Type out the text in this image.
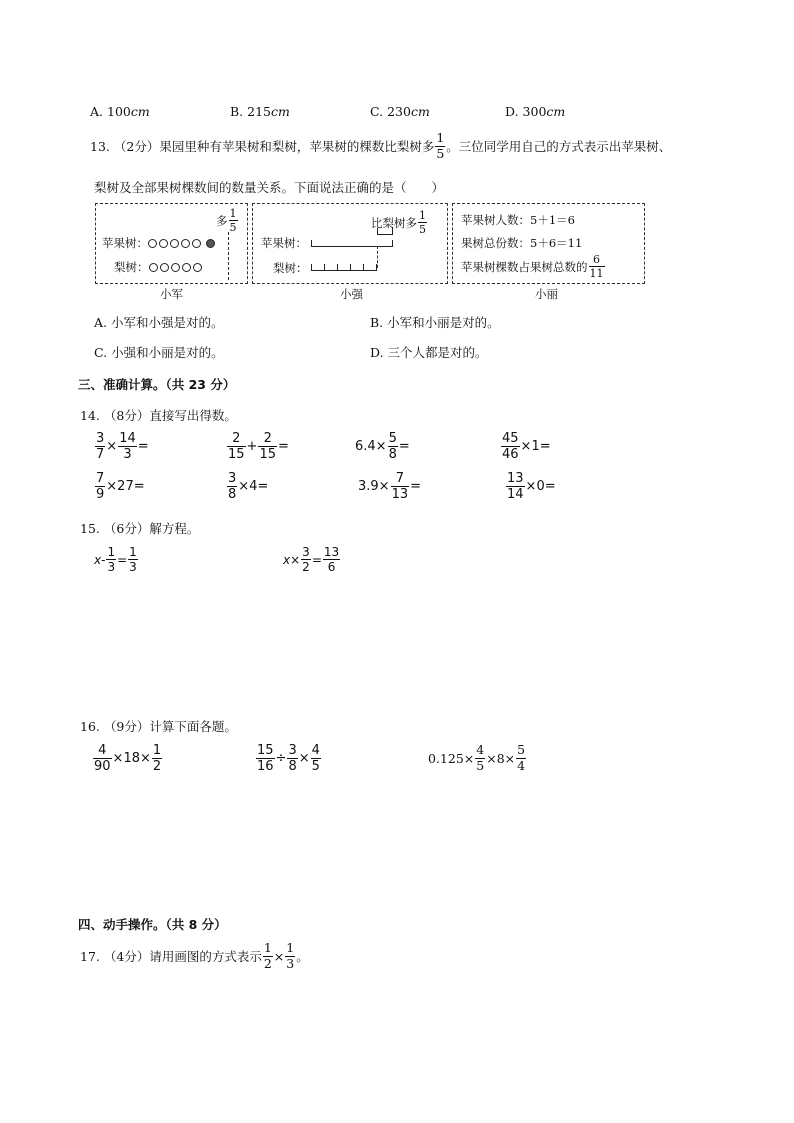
A. 100cm	B. 215cm	C. 230cm	D. 300cm
13.
（2分） 果园里种有苹果树和梨树，苹果树的棵数比梨树多 $\frac{1}{5}$ 。三位同学用自己的方式表示出苹果树、
梨树及全部果树棵数间的数量关系。下面说法正确的是（　　）
多 $\frac{1}{5}$
苹果树：
梨树：
小军
比梨树多 $\frac{1}{5}$
苹果树：
梨树：
小强
苹果树人数：5＋1＝6
果树总份数：5＋6＝11
苹果树棵数占果树总数的 $\frac{6}{11}$
小丽
A. 小军和小强是对的。	B. 小军和小丽是对的。
C. 小强和小丽是对的。	D. 三个人都是对的。
三、准确计算。（共 23 分）
14. （8分）直接写出得数。
$\frac{3}{7} \times \frac{14}{3}$ =	$\frac{2}{15} + \frac{2}{15}$ =	$6.4\times \frac{5}{8}$ =	$\frac{45}{46} \times 1=$
$\frac{7}{9} \times 27=$	$\frac{3}{8} \times 4=$	$3.9\times \frac{7}{13}$ =	$\frac{13}{14} \times 0=$
15. （6分）解方程。
$x - \frac{1}{3} = \frac{1}{3}$	$x \times \frac{3}{2} = \frac{13}{6}$
16. （9分）计算下面各题。
$\frac{4}{90} \times 18\times \frac{1}{2}$	$\frac{15}{16} \div \frac{3}{8} \times \frac{4}{5}$	$0.125\times \frac{4}{5} \times 8\times \frac{5}{4}$
四、动手操作。（共 8 分）
17.
（4分） 请用画图的方式表示 $\frac{1}{2} \times \frac{1}{3}$ 。
